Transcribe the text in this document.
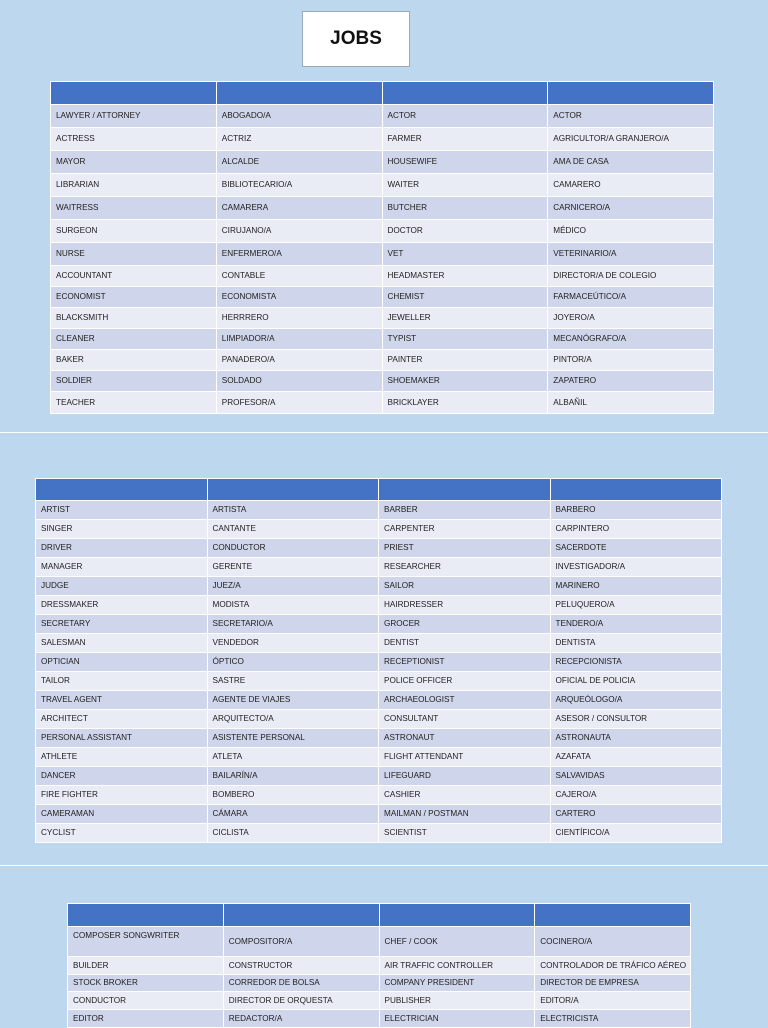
JOBS

LAWYER / ATTORNEY	ABOGADO/A	ACTOR	ACTOR
ACTRESS	ACTRIZ	FARMER	AGRICULTOR/A GRANJERO/A
MAYOR	ALCALDE	HOUSEWIFE	AMA DE CASA
LIBRARIAN	BIBLIOTECARIO/A	WAITER	CAMARERO
WAITRESS	CAMARERA	BUTCHER	CARNICERO/A
SURGEON	CIRUJANO/A	DOCTOR	MÉDICO
NURSE	ENFERMERO/A	VET	VETERINARIO/A
ACCOUNTANT	CONTABLE	HEADMASTER	DIRECTOR/A DE COLEGIO
ECONOMIST	ECONOMISTA	CHEMIST	FARMACEÚTICO/A
BLACKSMITH	HERRRERO	JEWELLER	JOYERO/A
CLEANER	LIMPIADOR/A	TYPIST	MECANÓGRAFO/A
BAKER	PANADERO/A	PAINTER	PINTOR/A
SOLDIER	SOLDADO	SHOEMAKER	ZAPATERO
TEACHER	PROFESOR/A	BRICKLAYER	ALBAÑIL

ARTIST	ARTISTA	BARBER	BARBERO
SINGER	CANTANTE	CARPENTER	CARPINTERO
DRIVER	CONDUCTOR	PRIEST	SACERDOTE
MANAGER	GERENTE	RESEARCHER	INVESTIGADOR/A
JUDGE	JUEZ/A	SAILOR	MARINERO
DRESSMAKER	MODISTA	HAIRDRESSER	PELUQUERO/A
SECRETARY	SECRETARIO/A	GROCER	TENDERO/A
SALESMAN	VENDEDOR	DENTIST	DENTISTA
OPTICIAN	ÓPTICO	RECEPTIONIST	RECEPCIONISTA
TAILOR	SASTRE	POLICE OFFICER	OFICIAL DE POLICIA
TRAVEL AGENT	AGENTE DE VIAJES	ARCHAEOLOGIST	ARQUEÓLOGO/A
ARCHITECT	ARQUITECTO/A	CONSULTANT	ASESOR / CONSULTOR
PERSONAL ASSISTANT	ASISTENTE PERSONAL	ASTRONAUT	ASTRONAUTA
ATHLETE	ATLETA	FLIGHT ATTENDANT	AZAFATA
DANCER	BAILARÍN/A	LIFEGUARD	SALVAVIDAS
FIRE FIGHTER	BOMBERO	CASHIER	CAJERO/A
CAMERAMAN	CÁMARA	MAILMAN / POSTMAN	CARTERO
CYCLIST	CICLISTA	SCIENTIST	CIENTÍFICO/A

COMPOSER SONGWRITER	COMPOSITOR/A	CHEF / COOK	COCINERO/A
BUILDER	CONSTRUCTOR	AIR TRAFFIC CONTROLLER	CONTROLADOR DE TRÁFICO AÉREO
STOCK BROKER	CORREDOR DE BOLSA	COMPANY PRESIDENT	DIRECTOR DE EMPRESA
CONDUCTOR	DIRECTOR DE ORQUESTA	PUBLISHER	EDITOR/A
EDITOR	REDACTOR/A	ELECTRICIAN	ELECTRICISTA
